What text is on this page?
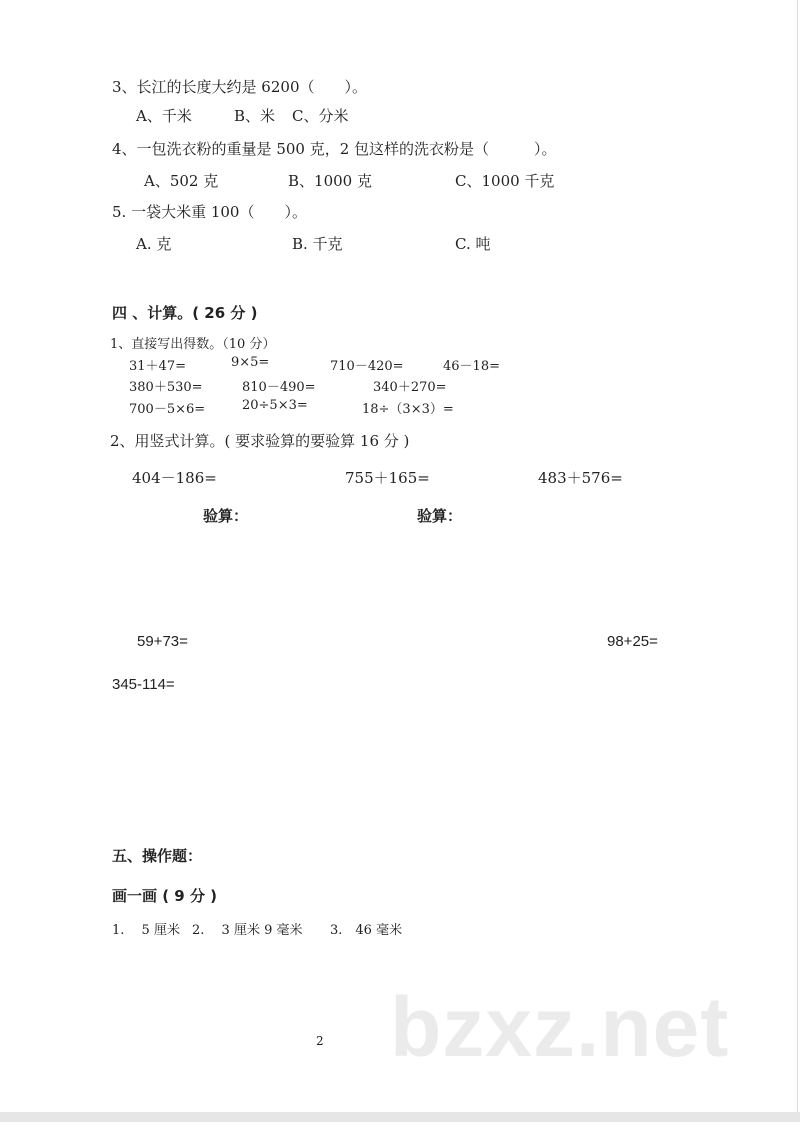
3、长江的长度大约是 6200（　　）。
A、千米	B、米 C、分米
4、一包洗衣粉的重量是 500 克，2 包这样的洗衣粉是（　　　）。
A、502 克	B、1000 克	C、1000 千克
5. 一袋大米重 100（　　）。
A. 克	B. 千克	C. 吨
四 、计算。( 26 分 )
1、直接写出得数。（10 分）
31＋47=	9×5=	710－420=	46－18=
380＋530=	810－490=	340＋270=
700－5×6=	20÷5×3=	18÷（3×3）=
2、用竖式计算。( 要求验算的要验算 16 分 )
404－186=	755＋165=	483＋576=
验算：	验算：
59+73=	98+25=
345-114=
五、操作题：
画一画 ( 9 分 )
1.　 5 厘米 2.　 3 厘米 9 毫米 3.　46 毫米
bzxz.net
2
